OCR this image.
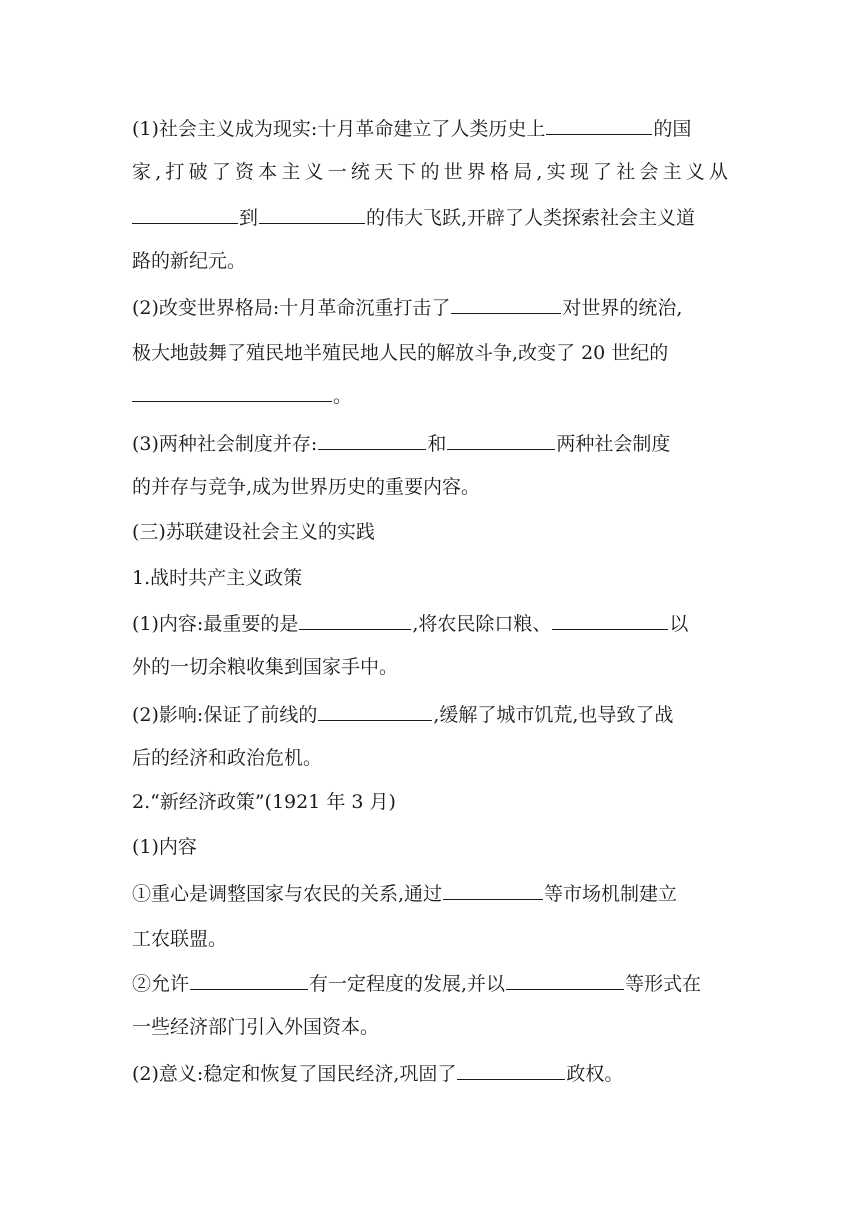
(1)社会主义成为现实:十月革命建立了人类历史上	的国
家,打破了资本主义一统天下的世界格局,实现了社会主义从
到	的伟大飞跃,开辟了人类探索社会主义道
路的新纪元。
(2)改变世界格局:十月革命沉重打击了	对世界的统治,
极大地鼓舞了殖民地半殖民地人民的解放斗争,改变了 20 世纪的
。
(3)两种社会制度并存:	和	两种社会制度
的并存与竞争,成为世界历史的重要内容。
(三)苏联建设社会主义的实践
1.战时共产主义政策
(1)内容:最重要的是	,将农民除口粮、	以
外的一切余粮收集到国家手中。
(2)影响:保证了前线的	,缓解了城市饥荒,也导致了战
后的经济和政治危机。
2.“新经济政策”(1921 年 3 月)
(1)内容
①重心是调整国家与农民的关系,通过	等市场机制建立
工农联盟。
②允许	有一定程度的发展,并以	等形式在
一些经济部门引入外国资本。
(2)意义:稳定和恢复了国民经济,巩固了	政权。
